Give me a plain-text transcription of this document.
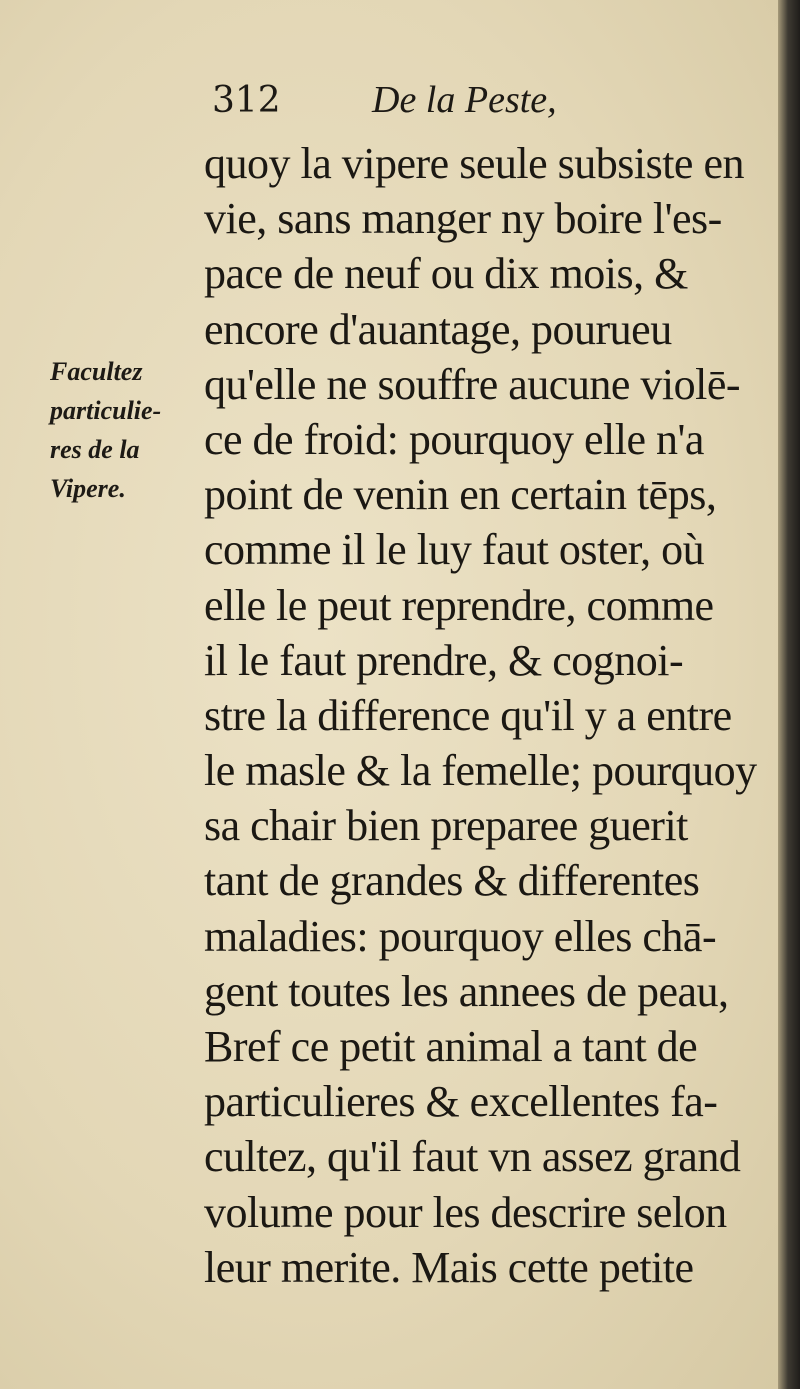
312 De la Peste,
Facultez
particulie-
res de la
Vipere.
quoy la vipere seule subsiste en
vie, sans manger ny boire l'es-
pace de neuf ou dix mois, &
encore d'auantage, pourueu
qu'elle ne souffre aucune violē-
ce de froid: pourquoy elle n'a
point de venin en certain tēps,
comme il le luy faut oster, où
elle le peut reprendre, comme
il le faut prendre, & cognoi-
stre la difference qu'il y a entre
le masle & la femelle; pourquoy
sa chair bien preparee guerit
tant de grandes & differentes
maladies: pourquoy elles chā-
gent toutes les annees de peau,
Bref ce petit animal a tant de
particulieres & excellentes fa-
cultez, qu'il faut vn assez grand
volume pour les descrire selon
leur merite. Mais cette petite
